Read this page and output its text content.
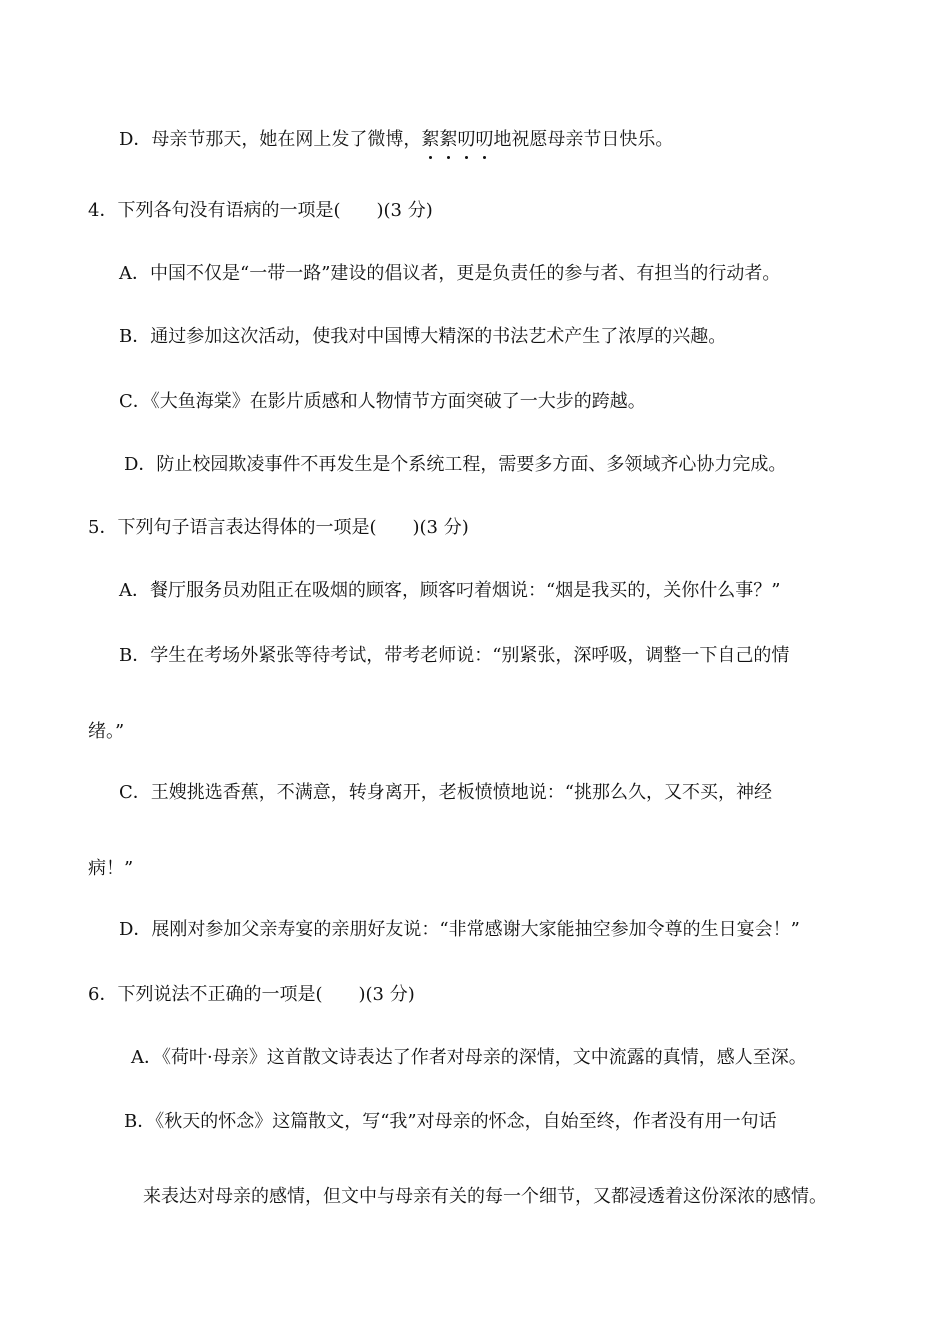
D．母亲节那天，她在网上发了微博，絮絮叨叨地祝愿母亲节日快乐。
4．下列各句没有语病的一项是(　　)(3 分)
A．中国不仅是“一带一路”建设的倡议者，更是负责任的参与者、有担当的行动者。
B．通过参加这次活动，使我对中国博大精深的书法艺术产生了浓厚的兴趣。
C．《大鱼海棠》在影片质感和人物情节方面突破了一大步的跨越。
D．防止校园欺凌事件不再发生是个系统工程，需要多方面、多领域齐心协力完成。
5．下列句子语言表达得体的一项是(　　)(3 分)
A．餐厅服务员劝阻正在吸烟的顾客，顾客叼着烟说：“烟是我买的，关你什么事？”
B．学生在考场外紧张等待考试，带考老师说：“别紧张，深呼吸，调整一下自己的情
绪。”
C．王嫂挑选香蕉，不满意，转身离开，老板愤愤地说：“挑那么久，又不买，神经
病！”
D．展刚对参加父亲寿宴的亲朋好友说：“非常感谢大家能抽空参加令尊的生日宴会！”
6．下列说法不正确的一项是(　　)(3 分)
A．《荷叶·母亲》这首散文诗表达了作者对母亲的深情，文中流露的真情，感人至深。
B．《秋天的怀念》这篇散文，写“我”对母亲的怀念，自始至终，作者没有用一句话
来表达对母亲的感情，但文中与母亲有关的每一个细节，又都浸透着这份深浓的感情。
